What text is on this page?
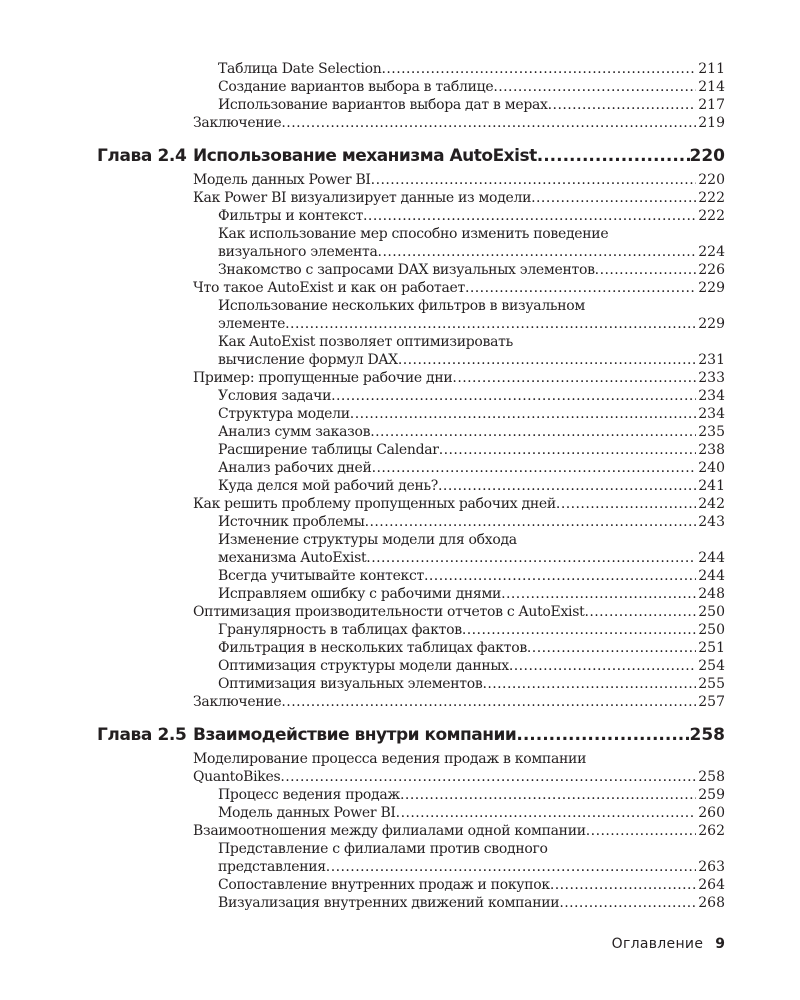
Таблица Date Selection . . .	211
Создание вариантов выбора в таблице . . .	214
Использование вариантов выбора дат в мерах . . .	217
Заключение . . .	219
Глава 2.4 Использование механизма AutoExist .....	220
Модель данных Power BI . . .	220
Как Power BI визуализирует данные из модели . . .	222
Фильтры и контекст . . .	222
Как использование мер способно изменить поведение
визуального элемента . . .	224
Знакомство с запросами DAX визуальных элементов . . .	226
Что такое AutoExist и как он работает . . .	229
Использование нескольких фильтров в визуальном
элементе . . .	229
Как AutoExist позволяет оптимизировать
вычисление формул DAX . . .	231
Пример: пропущенные рабочие дни . . .	233
Условия задачи . . .	234
Структура модели . . .	234
Анализ сумм заказов . . .	235
Расширение таблицы Calendar . . .	238
Анализ рабочих дней . . .	240
Куда делся мой рабочий день? . . .	241
Как решить проблему пропущенных рабочих дней . . .	242
Источник проблемы . . .	243
Изменение структуры модели для обхода
механизма AutoExist . . .	244
Всегда учитывайте контекст . . .	244
Исправляем ошибку с рабочими днями . . .	248
Оптимизация производительности отчетов с AutoExist . . .	250
Гранулярность в таблицах фактов . . .	250
Фильтрация в нескольких таблицах фактов . . .	251
Оптимизация структуры модели данных . . .	254
Оптимизация визуальных элементов . . .	255
Заключение . . .	257
Глава 2.5 Взаимодействие внутри компании .....	258
Моделирование процесса ведения продаж в компании
QuantoBikes . . .	258
Процесс ведения продаж . . .	259
Модель данных Power BI . . .	260
Взаимоотношения между филиалами одной компании . . .	262
Представление с филиалами против сводного
представления . . .	263
Сопоставление внутренних продаж и покупок . . .	264
Визуализация внутренних движений компании . . .	268
Оглавление 9
